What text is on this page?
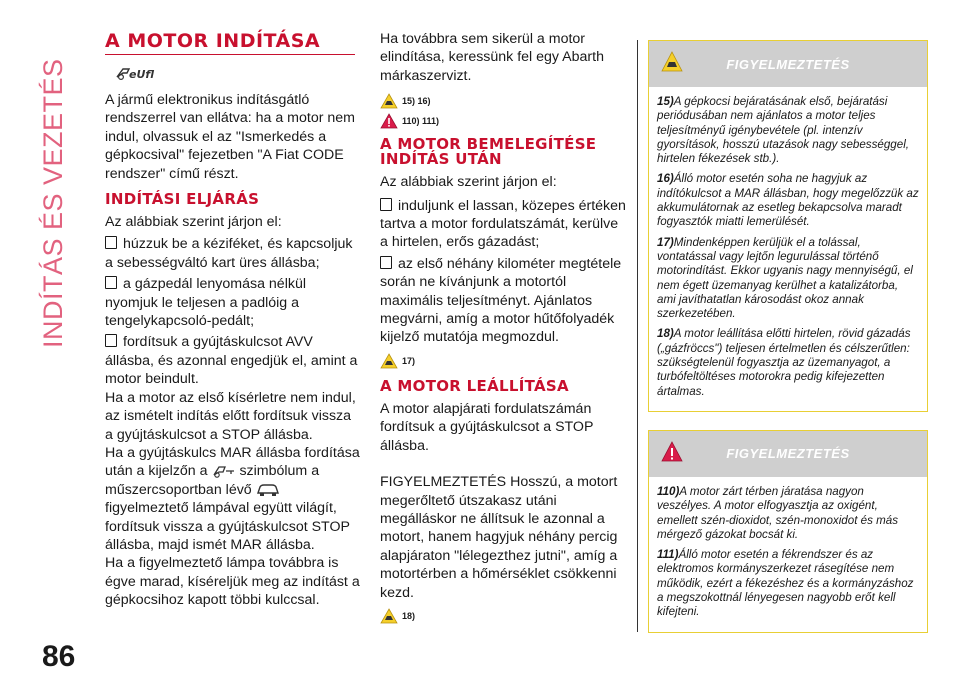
INDÍTÁS ÉS VEZETÉS
86
A MOTOR INDÍTÁSA
eUfl

A jármű elektronikus indításgátló rendszerrel van ellátva: ha a motor nem indul, olvassuk el az "Ismerkedés a gépkocsival" fejezetben "A Fiat CODE rendszer" című részt.

INDÍTÁSI ELJÁRÁS

Az alábbiak szerint járjon el:

húzzuk be a kéziféket, és kapcsoljuk a sebességváltó kart üres állásba;

a gázpedál lenyomása nélkül nyomjuk le teljesen a padlóig a tengelykapcsoló-pedált;

fordítsuk a gyújtáskulcsot AVV állásba, és azonnal engedjük el, amint a motor beindult.

Ha a motor az első kísérletre nem indul, az ismételt indítás előtt fordítsuk vissza a gyújtáskulcsot a STOP állásba.

Ha a gyújtáskulcs MAR állásba fordítása után a kijelzőn a szimbólum a műszercsoportban lévő  figyelmeztető lámpával együtt világít, fordítsuk vissza a gyújtáskulcsot STOP állásba, majd ismét MAR állásba.

Ha a figyelmeztető lámpa továbbra is égve marad, kíséreljük meg az indítást a gépkocsihoz kapott többi kulccsal.

Ha továbbra sem sikerül a motor elindítása, keressünk fel egy Abarth márkaszervizt.

15) 16)
110) 111)
A MOTOR BEMELEGÍTÉSE INDÍTÁS UTÁN

Az alábbiak szerint járjon el:

induljunk el lassan, közepes értéken tartva a motor fordulatszámát, kerülve a hirtelen, erős gázadást;

az első néhány kilométer megtétele során ne kívánjunk a motortól maximális teljesítményt. Ajánlatos megvárni, amíg a motor hűtőfolyadék kijelző mutatója megmozdul.

17)
A MOTOR LEÁLLÍTÁSA

A motor alapjárati fordulatszámán fordítsuk a gyújtáskulcsot a STOP állásba.

FIGYELMEZTETÉS Hosszú, a motort megerőltető útszakasz utáni megálláskor ne állítsuk le azonnal a motort, hanem hagyjuk néhány percig alapjáraton "lélegezthez jutni", amíg a motortérben a hőmérséklet csökkenni kezd.

18)
FIGYELMEZTETÉS

15)A gépkocsi bejáratásának első, bejáratási periódusában nem ajánlatos a motor teljes teljesítményű igénybevétele (pl. intenzív gyorsítások, hosszú utazások nagy sebességgel, hirtelen fékezések stb.).

16)Álló motor esetén soha ne hagyjuk az indítókulcsot a MAR állásban, hogy megelőzzük az akkumulátornak az esetleg bekapcsolva maradt fogyasztók miatti lemerülését.

17)Mindenképpen kerüljük el a tolással, vontatással vagy lejtőn legurulással történő motorindítást. Ekkor ugyanis nagy mennyiségű, el nem égett üzemanyag kerülhet a katalizátorba, ami javíthatatlan károsodást okoz annak szerkezetében.

18)A motor leállítása előtti hirtelen, rövid gázadás („gázfröccs") teljesen értelmetlen és célszerűtlen: szükségtelenül fogyasztja az üzemanyagot, a turbófeltöltéses motorokra pedig kifejezetten ártalmas.

FIGYELMEZTETÉS

110)A motor zárt térben járatása nagyon veszélyes. A motor elfogyasztja az oxigént, emellett szén-dioxidot, szén-monoxidot és más mérgező gázokat bocsát ki.

111)Álló motor esetén a fékrendszer és az elektromos kormányszerkezet rásegítése nem működik, ezért a fékezéshez és a kormányzáshoz a megszokottnál lényegesen nagyobb erőt kell kifejteni.
